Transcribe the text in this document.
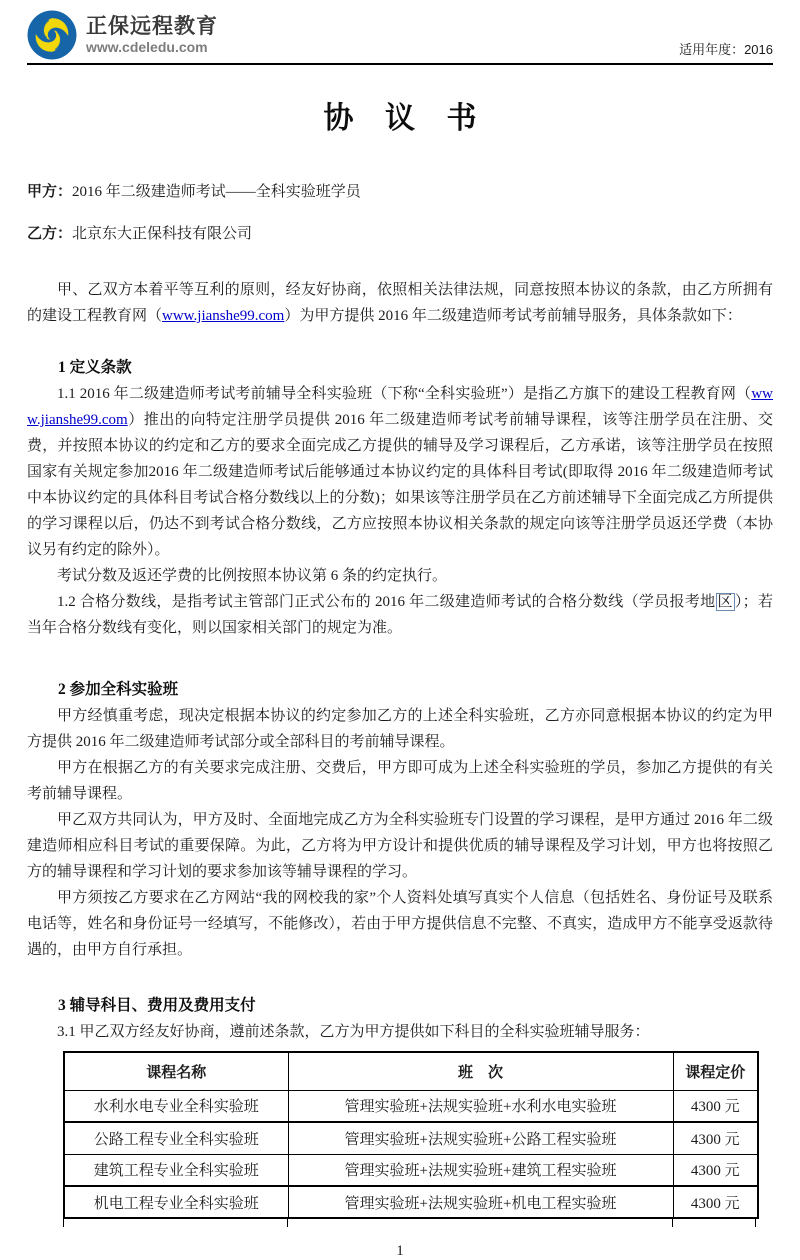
正保远程教育
www.cdeledu.com	适用年度：2016
协 议 书

甲方：2016 年二级建造师考试——全科实验班学员

乙方：北京东大正保科技有限公司

甲、乙双方本着平等互利的原则，经友好协商，依照相关法律法规，同意按照本协议的条款，由乙方所拥有的建设工程教育网（www.jianshe99.com）为甲方提供 2016 年二级建造师考试考前辅导服务，具体条款如下：

1 定义条款

1.1 2016 年二级建造师考试考前辅导全科实验班（下称“全科实验班”）是指乙方旗下的建设工程教育网（www.jianshe99.com）推出的向特定注册学员提供 2016 年二级建造师考试考前辅导课程，该等注册学员在注册、交费，并按照本协议的约定和乙方的要求全面完成乙方提供的辅导及学习课程后，乙方承诺，该等注册学员在按照国家有关规定参加2016 年二级建造师考试后能够通过本协议约定的具体科目考试(即取得 2016 年二级建造师考试中本协议约定的具体科目考试合格分数线以上的分数)；如果该等注册学员在乙方前述辅导下全面完成乙方所提供的学习课程以后，仍达不到考试合格分数线，乙方应按照本协议相关条款的规定向该等注册学员返还学费（本协议另有约定的除外）。

考试分数及返还学费的比例按照本协议第 6 条的约定执行。

1.2 合格分数线，是指考试主管部门正式公布的 2016 年二级建造师考试的合格分数线（学员报考地 区 ）；若当年合格分数线有变化，则以国家相关部门的规定为准。

2 参加全科实验班

甲方经慎重考虑，现决定根据本协议的约定参加乙方的上述全科实验班，乙方亦同意根据本协议的约定为甲方提供 2016 年二级建造师考试部分或全部科目的考前辅导课程。

甲方在根据乙方的有关要求完成注册、交费后，甲方即可成为上述全科实验班的学员，参加乙方提供的有关考前辅导课程。

甲乙双方共同认为，甲方及时、全面地完成乙方为全科实验班专门设置的学习课程，是甲方通过 2016 年二级建造师相应科目考试的重要保障。为此，乙方将为甲方设计和提供优质的辅导课程及学习计划，甲方也将按照乙方的辅导课程和学习计划的要求参加该等辅导课程的学习。

甲方须按乙方要求在乙方网站“我的网校我的家”个人资料处填写真实个人信息（包括姓名、身份证号及联系电话等，姓名和身份证号一经填写，不能修改），若由于甲方提供信息不完整、不真实，造成甲方不能享受返款待遇的，由甲方自行承担。

3 辅导科目、费用及费用支付

3.1 甲乙双方经友好协商，遵前述条款，乙方为甲方提供如下科目的全科实验班辅导服务：

课程名称	班　次	课程定价
水利水电专业全科实验班	管理实验班+法规实验班+水利水电实验班	4300 元
公路工程专业全科实验班	管理实验班+法规实验班+公路工程实验班	4300 元
建筑工程专业全科实验班	管理实验班+法规实验班+建筑工程实验班	4300 元
机电工程专业全科实验班	管理实验班+法规实验班+机电工程实验班	4300 元
1
